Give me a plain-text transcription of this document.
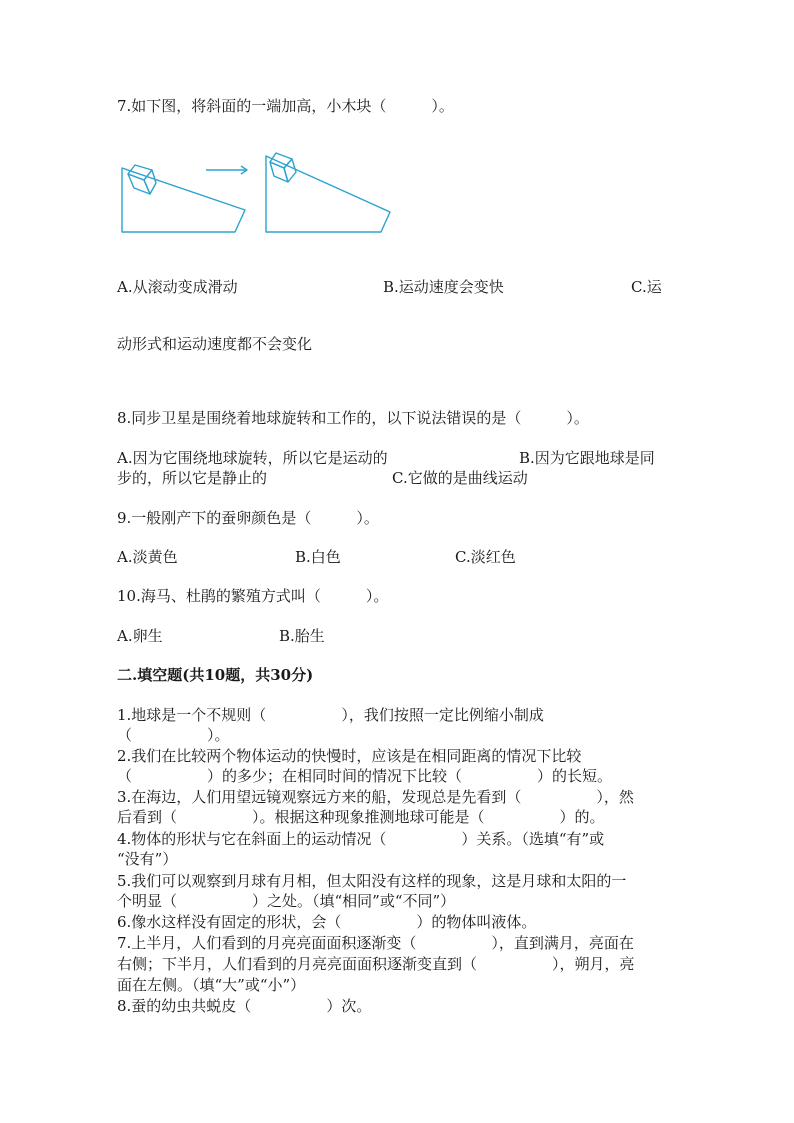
7.如下图，将斜面的一端加高，小木块（　　　）。
A.从滚动变成滑动	B.运动速度会变快	C.运
动形式和运动速度都不会变化
8.同步卫星是围绕着地球旋转和工作的，以下说法错误的是（　　　）。
A.因为它围绕地球旋转，所以它是运动的	B.因为它跟地球是同
步的，所以它是静止的	C.它做的是曲线运动
9.一般刚产下的蚕卵颜色是（　　　）。
A.淡黄色	B.白色	C.淡红色
10.海马、杜鹃的繁殖方式叫（　　　）。
A.卵生	B.胎生
二.填空题(共10题，共30分)
1.地球是一个不规则（　　　　　），我们按照一定比例缩小制成
（　　　　　）。
2.我们在比较两个物体运动的快慢时，应该是在相同距离的情况下比较
（　　　　　）的多少；在相同时间的情况下比较（　　　　　）的长短。
3.在海边，人们用望远镜观察远方来的船，发现总是先看到（　　　　　），然
后看到（　　　　　）。根据这种现象推测地球可能是（　　　　　）的。
4.物体的形状与它在斜面上的运动情况（　　　　　）关系。（选填“有”或
“没有”）
5.我们可以观察到月球有月相，但太阳没有这样的现象，这是月球和太阳的一
个明显（　　　　　）之处。（填“相同”或“不同”）
6.像水这样没有固定的形状，会（　　　　　）的物体叫液体。
7.上半月，人们看到的月亮亮面面积逐渐变（　　　　　），直到满月，亮面在
右侧；下半月，人们看到的月亮亮面面积逐渐变直到（　　　　　），朔月，亮
面在左侧。（填“大”或“小”）
8.蚕的幼虫共蜕皮（　　　　　）次。
